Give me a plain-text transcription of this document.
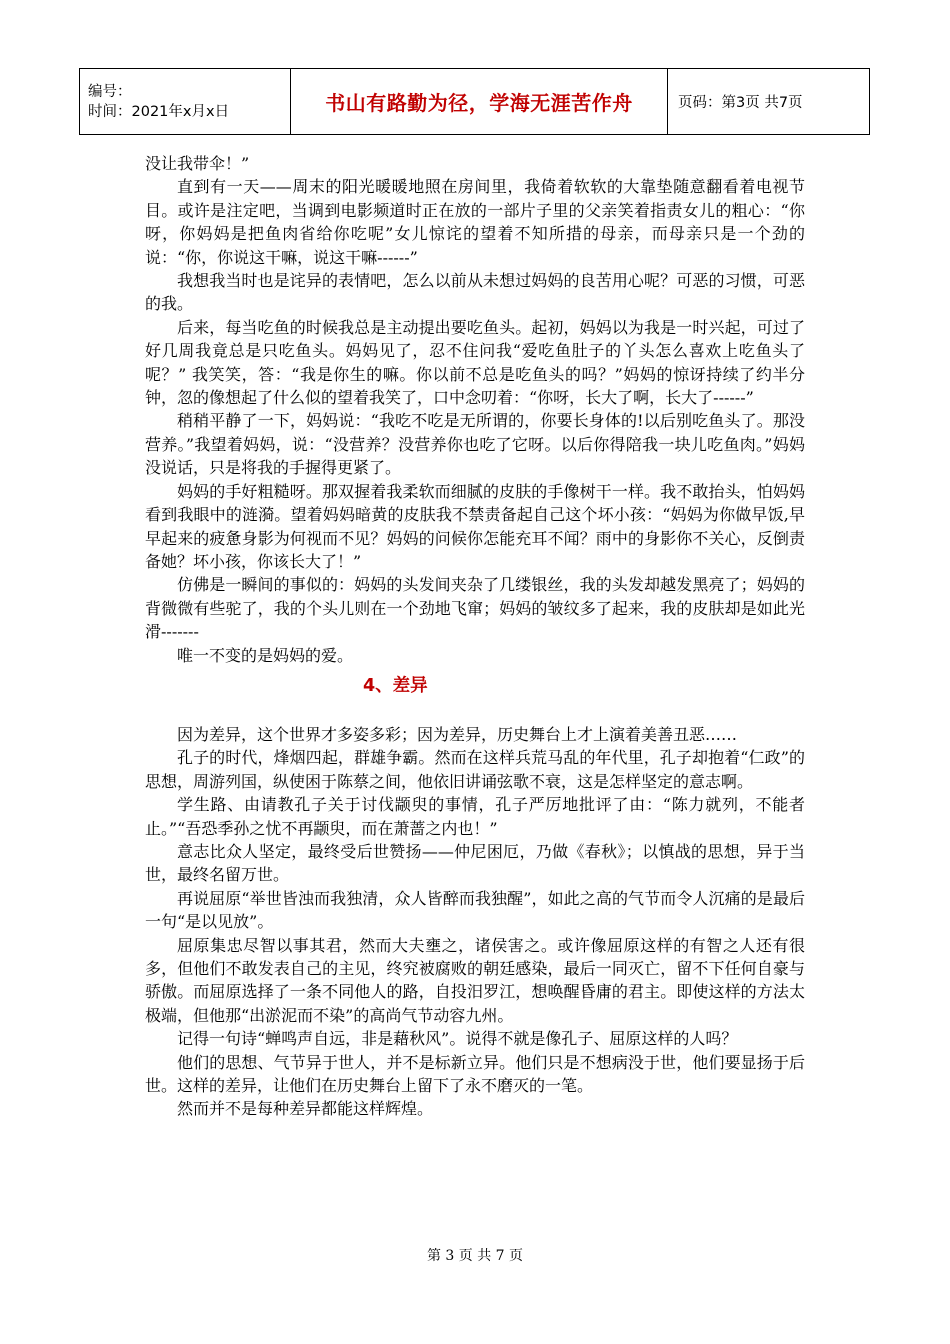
编号：
时间：2021年x月x日	书山有路勤为径，学海无涯苦作舟	页码：第3页 共7页

没让我带伞！”

直到有一天——周末的阳光暖暖地照在房间里，我倚着软软的大靠垫随意翻看着电视节目。或许是注定吧，当调到电影频道时正在放的一部片子里的父亲笑着指责女儿的粗心：“你呀，你妈妈是把鱼肉省给你吃呢”女儿惊诧的望着不知所措的母亲，而母亲只是一个劲的说：“你，你说这干嘛，说这干嘛------”

我想我当时也是诧异的表情吧，怎么以前从未想过妈妈的良苦用心呢？可恶的习惯，可恶的我。

后来，每当吃鱼的时候我总是主动提出要吃鱼头。起初，妈妈以为我是一时兴起，可过了好几周我竟总是只吃鱼头。妈妈见了，忍不住问我“爱吃鱼肚子的丫头怎么喜欢上吃鱼头了呢？” 我笑笑，答：“我是你生的嘛。你以前不总是吃鱼头的吗？”妈妈的惊讶持续了约半分钟，忽的像想起了什么似的望着我笑了，口中念叨着：“你呀，长大了啊，长大了------”

稍稍平静了一下，妈妈说：“我吃不吃是无所谓的，你要长身体的!以后别吃鱼头了。那没营养。”我望着妈妈，说：“没营养？没营养你也吃了它呀。以后你得陪我一块儿吃鱼肉。”妈妈没说话，只是将我的手握得更紧了。

妈妈的手好粗糙呀。那双握着我柔软而细腻的皮肤的手像树干一样。我不敢抬头，怕妈妈看到我眼中的涟漪。望着妈妈暗黄的皮肤我不禁责备起自己这个坏小孩：“妈妈为你做早饭,早早起来的疲惫身影为何视而不见？妈妈的问候你怎能充耳不闻？雨中的身影你不关心，反倒责备她？坏小孩，你该长大了！”

仿佛是一瞬间的事似的：妈妈的头发间夹杂了几缕银丝，我的头发却越发黑亮了；妈妈的背微微有些驼了，我的个头儿则在一个劲地飞窜；妈妈的皱纹多了起来，我的皮肤却是如此光滑-------

唯一不变的是妈妈的爱。

4、差异

因为差异，这个世界才多姿多彩；因为差异，历史舞台上才上演着美善丑恶……

孔子的时代，烽烟四起，群雄争霸。然而在这样兵荒马乱的年代里，孔子却抱着“仁政”的思想，周游列国，纵使困于陈蔡之间，他依旧讲诵弦歌不衰，这是怎样坚定的意志啊。

学生路、由请教孔子关于讨伐颛臾的事情，孔子严厉地批评了由：“陈力就列，不能者止。”“吾恐季孙之忧不再颛臾，而在萧蔷之内也！”

意志比众人坚定，最终受后世赞扬——仲尼困厄，乃做《春秋》；以慎战的思想，异于当世，最终名留万世。

再说屈原“举世皆浊而我独清，众人皆醉而我独醒”，如此之高的气节而令人沉痛的是最后一句“是以见放”。

屈原集忠尽智以事其君，然而大夫壅之，诸侯害之。或许像屈原这样的有智之人还有很多，但他们不敢发表自己的主见，终究被腐败的朝廷感染，最后一同灭亡，留不下任何自豪与骄傲。而屈原选择了一条不同他人的路，自投汨罗江，想唤醒昏庸的君主。即使这样的方法太极端，但他那“出淤泥而不染”的高尚气节动容九州。

记得一句诗“蝉鸣声自远，非是藉秋风”。说得不就是像孔子、屈原这样的人吗？

他们的思想、气节异于世人，并不是标新立异。他们只是不想病没于世，他们要显扬于后世。这样的差异，让他们在历史舞台上留下了永不磨灭的一笔。

然而并不是每种差异都能这样辉煌。

第 3 页 共 7 页
